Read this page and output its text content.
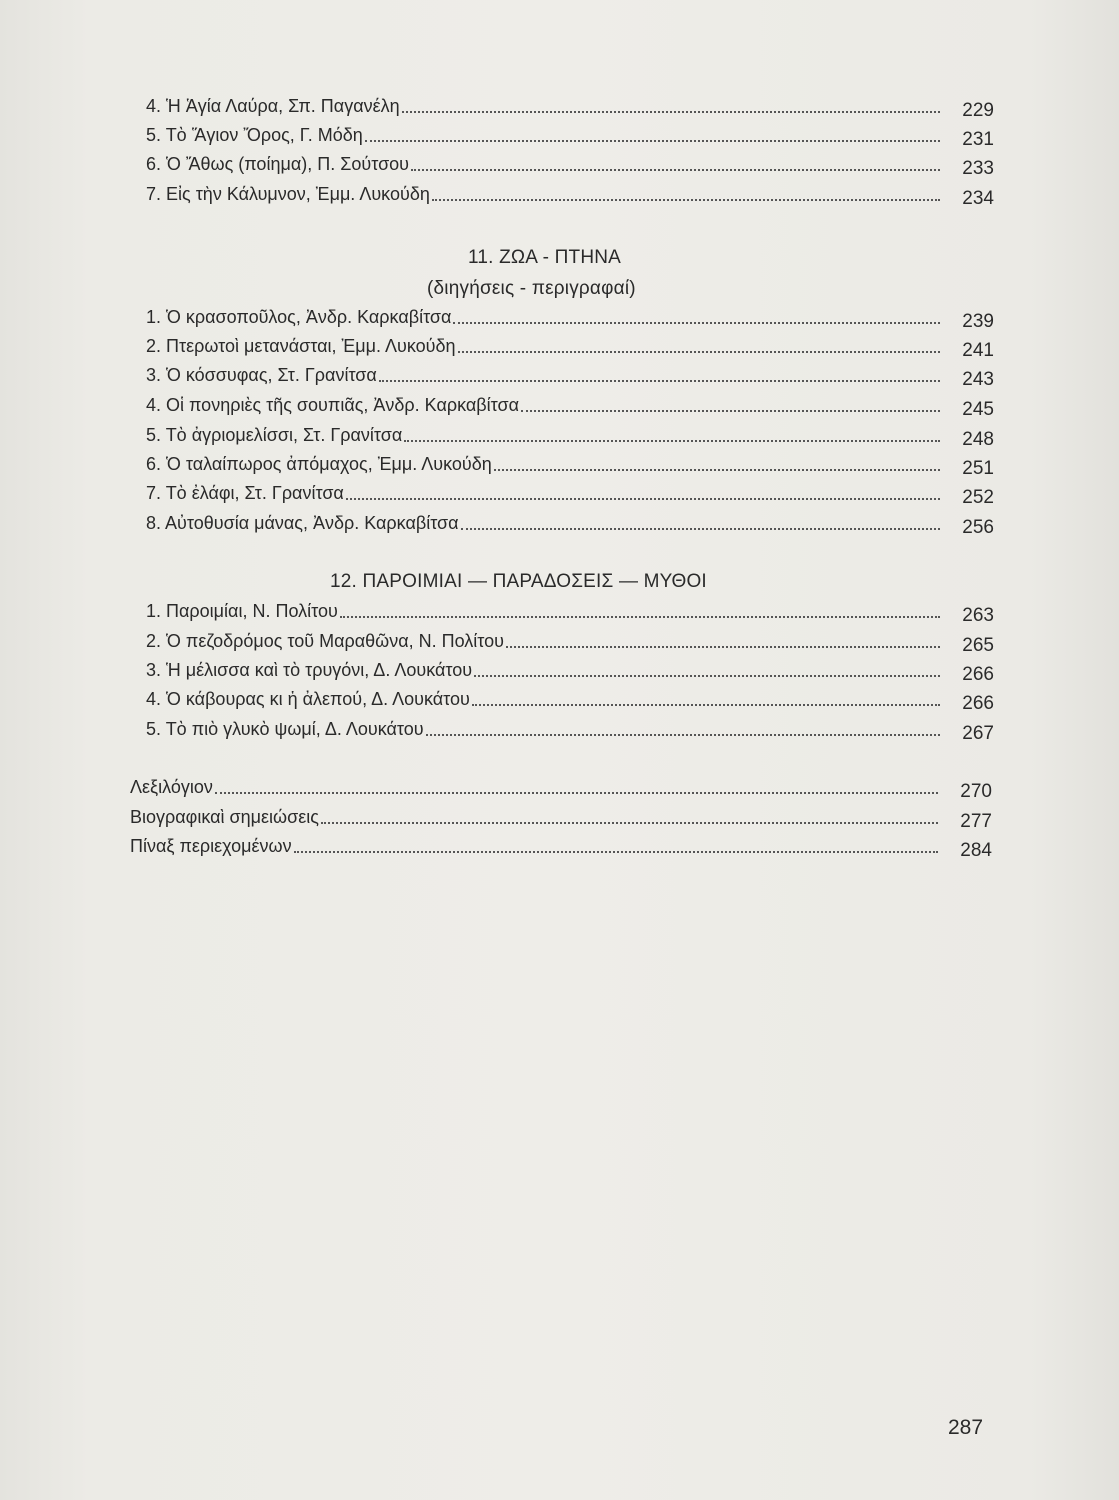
4. Ἡ Ἁγία Λαύρα, Σπ. Παγανέλη	229
5. Τὸ Ἅγιον Ὄρος, Γ. Μόδη	231
6. Ὁ Ἄθως (ποίημα), Π. Σούτσου	233
7. Εἰς τὴν Κάλυμνον, Ἐμμ. Λυκούδη	234
11. ΖΩΑ - ΠΤΗΝΑ
(διηγήσεις - περιγραφαί)
1. Ὁ κρασοποῦλος, Ἀνδρ. Καρκαβίτσα	239
2. Πτερωτοὶ μετανάσται, Ἐμμ. Λυκούδη	241
3. Ὁ κόσσυφας, Στ. Γρανίτσα	243
4. Οἱ πονηριὲς τῆς σουπιᾶς, Ἀνδρ. Καρκαβίτσα	245
5. Τὸ ἀγριομελίσσι, Στ. Γρανίτσα	248
6. Ὁ ταλαίπωρος ἀπόμαχος, Ἐμμ. Λυκούδη	251
7. Τὸ ἐλάφι, Στ. Γρανίτσα	252
8. Αὐτοθυσία μάνας, Ἀνδρ. Καρκαβίτσα	256
12. ΠΑΡΟΙΜΙΑΙ — ΠΑΡΑΔΟΣΕΙΣ — ΜΥΘΟΙ
1. Παροιμίαι, Ν. Πολίτου	263
2. Ὁ πεζοδρόμος τοῦ Μαραθῶνα, Ν. Πολίτου	265
3. Ἡ μέλισσα καὶ τὸ τρυγόνι, Δ. Λουκάτου	266
4. Ὁ κάβουρας κι ἡ ἀλεπού, Δ. Λουκάτου	266
5. Τὸ πιὸ γλυκὸ ψωμί, Δ. Λουκάτου	267
Λεξιλόγιον	270
Βιογραφικαὶ σημειώσεις	277
Πίναξ περιεχομένων	284
287
